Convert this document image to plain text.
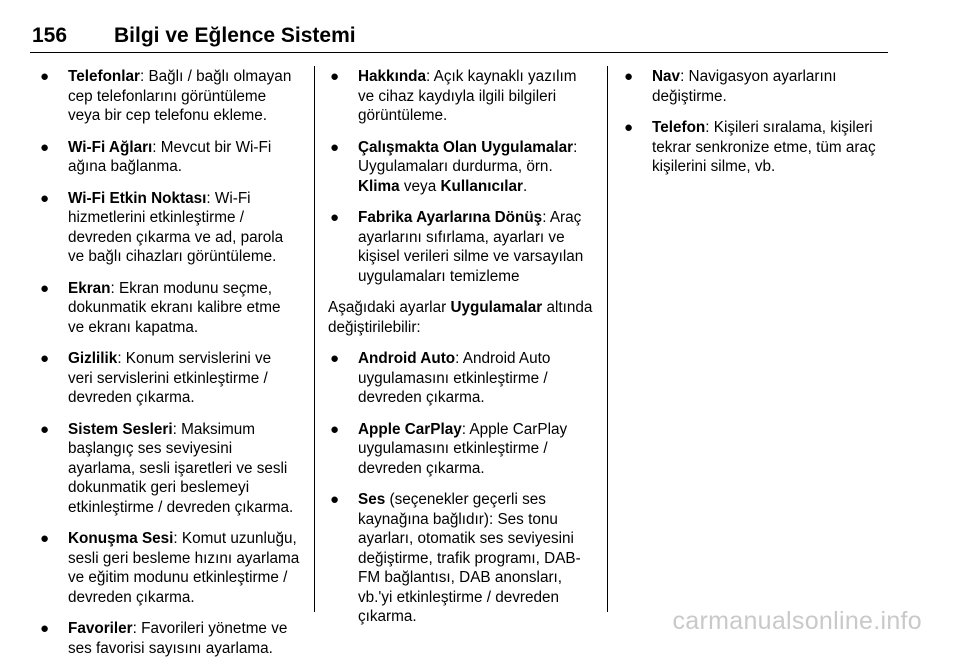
156 Bilgi ve Eğlence Sistemi
● Telefonlar: Bağlı / bağlı olmayan cep telefonlarını görüntüleme veya bir cep telefonu ekleme.
● Wi-Fi Ağları: Mevcut bir Wi-Fi ağına bağlanma.
● Wi-Fi Etkin Noktası: Wi-Fi hizmetlerini etkinleştirme / devreden çıkarma ve ad, parola ve bağlı cihazları görüntüleme.
● Ekran: Ekran modunu seçme, dokunmatik ekranı kalibre etme ve ekranı kapatma.
● Gizlilik: Konum servislerini ve veri servislerini etkinleştirme / devreden çıkarma.
● Sistem Sesleri: Maksimum başlangıç ses seviyesini ayarlama, sesli işaretleri ve sesli dokunmatik geri beslemeyi etkinleştirme / devreden çıkarma.
● Konuşma Sesi: Komut uzunluğu, sesli geri besleme hızını ayarlama ve eğitim modunu etkinleştirme / devreden çıkarma.
● Favoriler: Favorileri yönetme ve ses favorisi sayısını ayarlama.
● Hakkında: Açık kaynaklı yazılım ve cihaz kaydıyla ilgili bilgileri görüntüleme.
● Çalışmakta Olan Uygulamalar: Uygulamaları durdurma, örn. Klima veya Kullanıcılar.
● Fabrika Ayarlarına Dönüş: Araç ayarlarını sıfırlama, ayarları ve kişisel verileri silme ve varsayılan uygulamaları temizleme
Aşağıdaki ayarlar Uygulamalar altında değiştirilebilir:
● Android Auto: Android Auto uygulamasını etkinleştirme / devreden çıkarma.
● Apple CarPlay: Apple CarPlay uygulamasını etkinleştirme / devreden çıkarma.
● Ses (seçenekler geçerli ses kaynağına bağlıdır): Ses tonu ayarları, otomatik ses seviyesini değiştirme, trafik programı, DAB-FM bağlantısı, DAB anonsları, vb.'yi etkinleştirme / devreden çıkarma.
● Nav: Navigasyon ayarlarını değiştirme.
● Telefon: Kişileri sıralama, kişileri tekrar senkronize etme, tüm araç kişilerini silme, vb.
carmanualsonline.info
